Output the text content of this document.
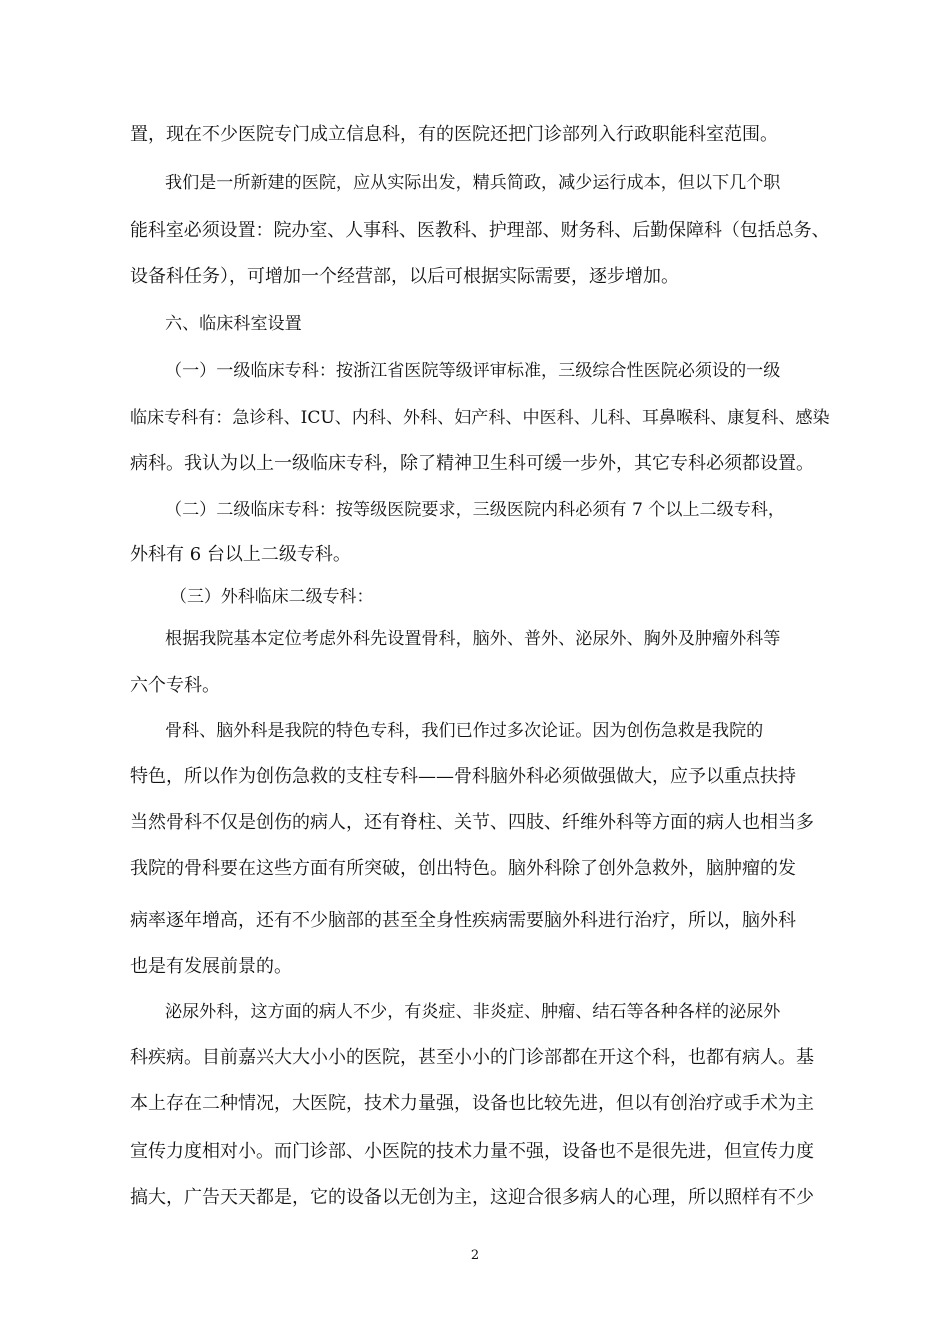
置，现在不少医院专门成立信息科，有的医院还把门诊部列入行政职能科室范围。
我们是一所新建的医院，应从实际出发，精兵简政，减少运行成本，但以下几个职
能科室必须设置：院办室、人事科、医教科、护理部、财务科、后勤保障科（包括总务、
设备科任务），可增加一个经营部，以后可根据实际需要，逐步增加。
六、临床科室设置
（一）一级临床专科：按浙江省医院等级评审标准，三级综合性医院必须设的一级
临床专科有：急诊科、ICU、内科、外科、妇产科、中医科、儿科、耳鼻喉科、康复科、感染
病科。我认为以上一级临床专科，除了精神卫生科可缓一步外，其它专科必须都设置。
（二）二级临床专科：按等级医院要求，三级医院内科必须有 7 个以上二级专科，
外科有 6 台以上二级专科。
（三）外科临床二级专科：
根据我院基本定位考虑外科先设置骨科，脑外、普外、泌尿外、胸外及肿瘤外科等
六个专科。
骨科、脑外科是我院的特色专科，我们已作过多次论证。因为创伤急救是我院的
特色，所以作为创伤急救的支柱专科——骨科脑外科必须做强做大，应予以重点扶持
当然骨科不仅是创伤的病人，还有脊柱、关节、四肢、纤维外科等方面的病人也相当多
我院的骨科要在这些方面有所突破，创出特色。脑外科除了创外急救外，脑肿瘤的发
病率逐年增高，还有不少脑部的甚至全身性疾病需要脑外科进行治疗，所以，脑外科
也是有发展前景的。
泌尿外科，这方面的病人不少，有炎症、非炎症、肿瘤、结石等各种各样的泌尿外
科疾病。目前嘉兴大大小小的医院，甚至小小的门诊部都在开这个科，也都有病人。基
本上存在二种情况，大医院，技术力量强，设备也比较先进，但以有创治疗或手术为主
宣传力度相对小。而门诊部、小医院的技术力量不强，设备也不是很先进，但宣传力度
搞大，广告天天都是，它的设备以无创为主，这迎合很多病人的心理，所以照样有不少
2
